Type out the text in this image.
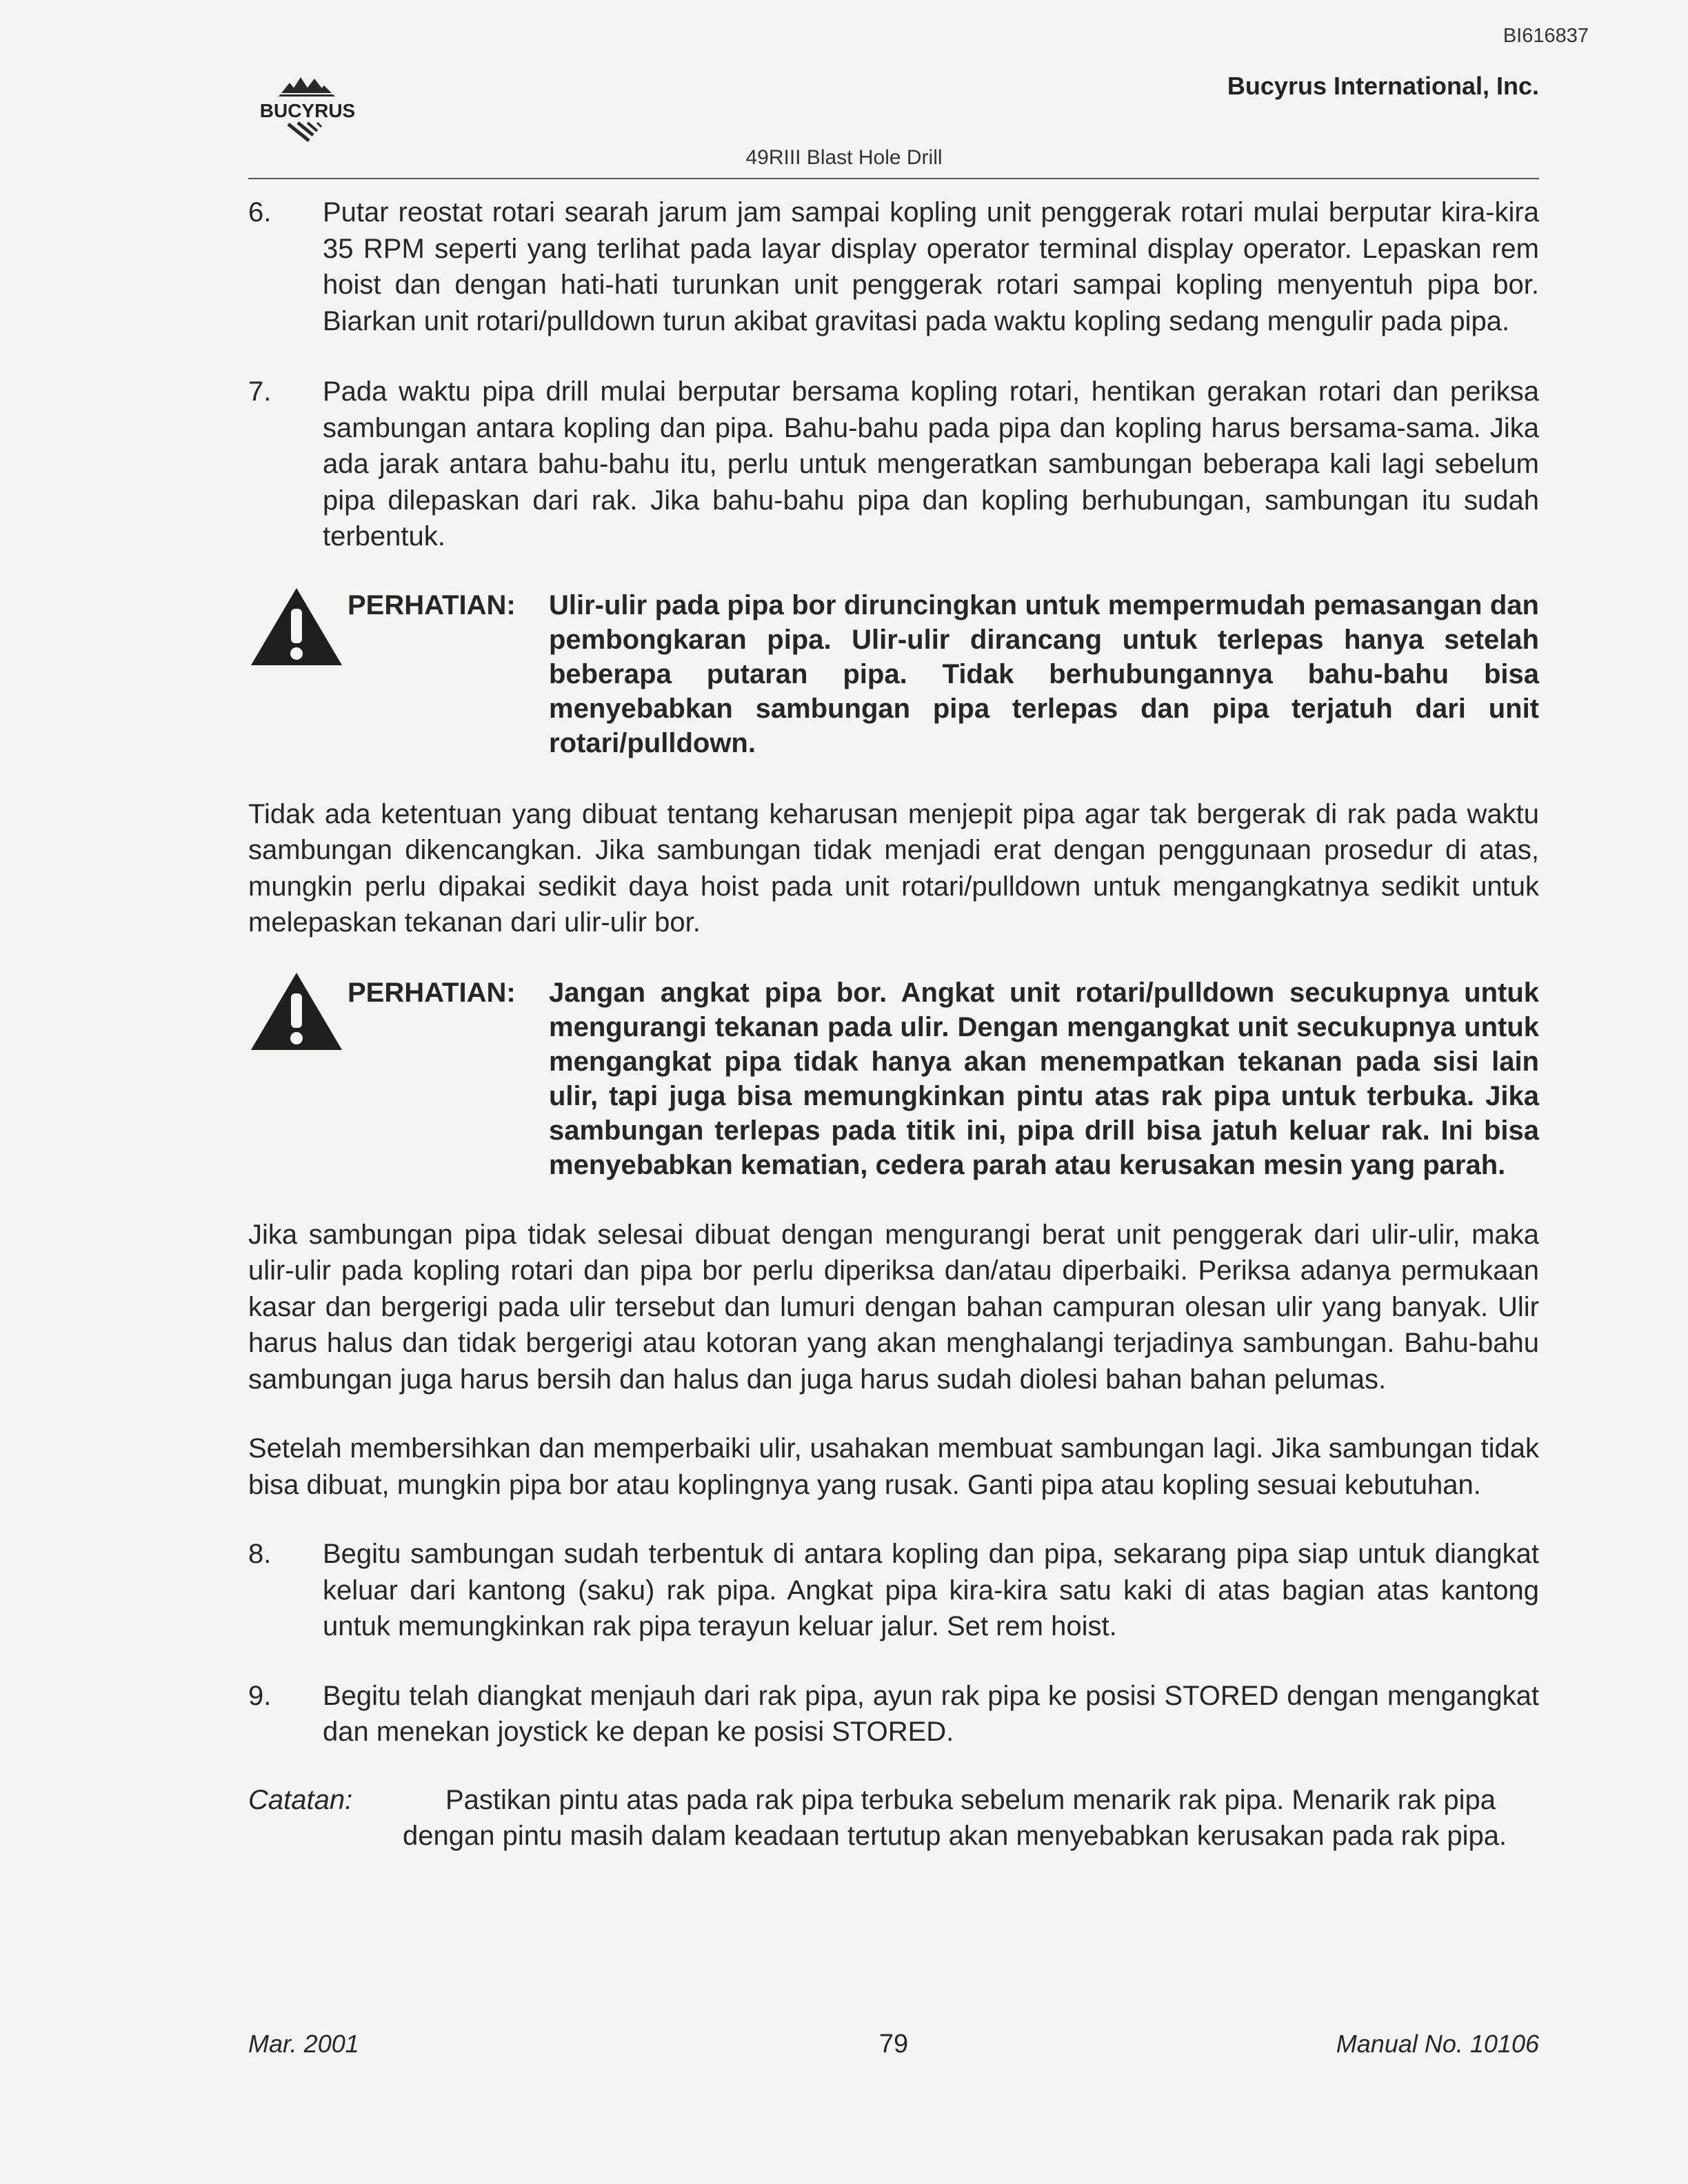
BI616837
BUCYRUS
Bucyrus International, Inc.
49RIII Blast Hole Drill
6.	Putar reostat rotari searah jarum jam sampai kopling unit penggerak rotari mulai berputar kira-kira 35 RPM seperti yang terlihat pada layar display operator terminal display operator. Lepaskan rem hoist dan dengan hati-hati turunkan unit penggerak rotari sampai kopling menyentuh pipa bor. Biarkan unit rotari/pulldown turun akibat gravitasi pada waktu kopling sedang mengulir pada pipa.

7.	Pada waktu pipa drill mulai berputar bersama kopling rotari, hentikan gerakan rotari dan periksa sambungan antara kopling dan pipa. Bahu-bahu pada pipa dan kopling harus bersama-sama. Jika ada jarak antara bahu-bahu itu, perlu untuk mengeratkan sambungan beberapa kali lagi sebelum pipa dilepaskan dari rak. Jika bahu-bahu pipa dan kopling berhubungan, sambungan itu sudah terbentuk.

PERHATIAN:	Ulir-ulir pada pipa bor diruncingkan untuk mempermudah pemasangan dan pembongkaran pipa. Ulir-ulir dirancang untuk terlepas hanya setelah beberapa putaran pipa. Tidak berhubungannya bahu-bahu bisa menyebabkan sambungan pipa terlepas dan pipa terjatuh dari unit rotari/pulldown.

Tidak ada ketentuan yang dibuat tentang keharusan menjepit pipa agar tak bergerak di rak pada waktu sambungan dikencangkan. Jika sambungan tidak menjadi erat dengan penggunaan prosedur di atas, mungkin perlu dipakai sedikit daya hoist pada unit rotari/pulldown untuk mengangkatnya sedikit untuk melepaskan tekanan dari ulir-ulir bor.

PERHATIAN:	Jangan angkat pipa bor. Angkat unit rotari/pulldown secukupnya untuk mengurangi tekanan pada ulir. Dengan mengangkat unit secukupnya untuk mengangkat pipa tidak hanya akan menempatkan tekanan pada sisi lain ulir, tapi juga bisa memungkinkan pintu atas rak pipa untuk terbuka. Jika sambungan terlepas pada titik ini, pipa drill bisa jatuh keluar rak. Ini bisa menyebabkan kematian, cedera parah atau kerusakan mesin yang parah.

Jika sambungan pipa tidak selesai dibuat dengan mengurangi berat unit penggerak dari ulir-ulir, maka ulir-ulir pada kopling rotari dan pipa bor perlu diperiksa dan/atau diperbaiki. Periksa adanya permukaan kasar dan bergerigi pada ulir tersebut dan lumuri dengan bahan campuran olesan ulir yang banyak. Ulir harus halus dan tidak bergerigi atau kotoran yang akan menghalangi terjadinya sambungan. Bahu-bahu sambungan juga harus bersih dan halus dan juga harus sudah diolesi bahan bahan pelumas.

Setelah membersihkan dan memperbaiki ulir, usahakan membuat sambungan lagi. Jika sambungan tidak bisa dibuat, mungkin pipa bor atau koplingnya yang rusak. Ganti pipa atau kopling sesuai kebutuhan.

8.	Begitu sambungan sudah terbentuk di antara kopling dan pipa, sekarang pipa siap untuk diangkat keluar dari kantong (saku) rak pipa. Angkat pipa kira-kira satu kaki di atas bagian atas kantong untuk memungkinkan rak pipa terayun keluar jalur. Set rem hoist.

9.	Begitu telah diangkat menjauh dari rak pipa, ayun rak pipa ke posisi STORED dengan mengangkat dan menekan joystick ke depan ke posisi STORED.

Catatan:	Pastikan pintu atas pada rak pipa terbuka sebelum menarik rak pipa. Menarik rak pipa
dengan pintu masih dalam keadaan tertutup akan menyebabkan kerusakan pada rak pipa.
Mar. 2001	79	Manual No. 10106
